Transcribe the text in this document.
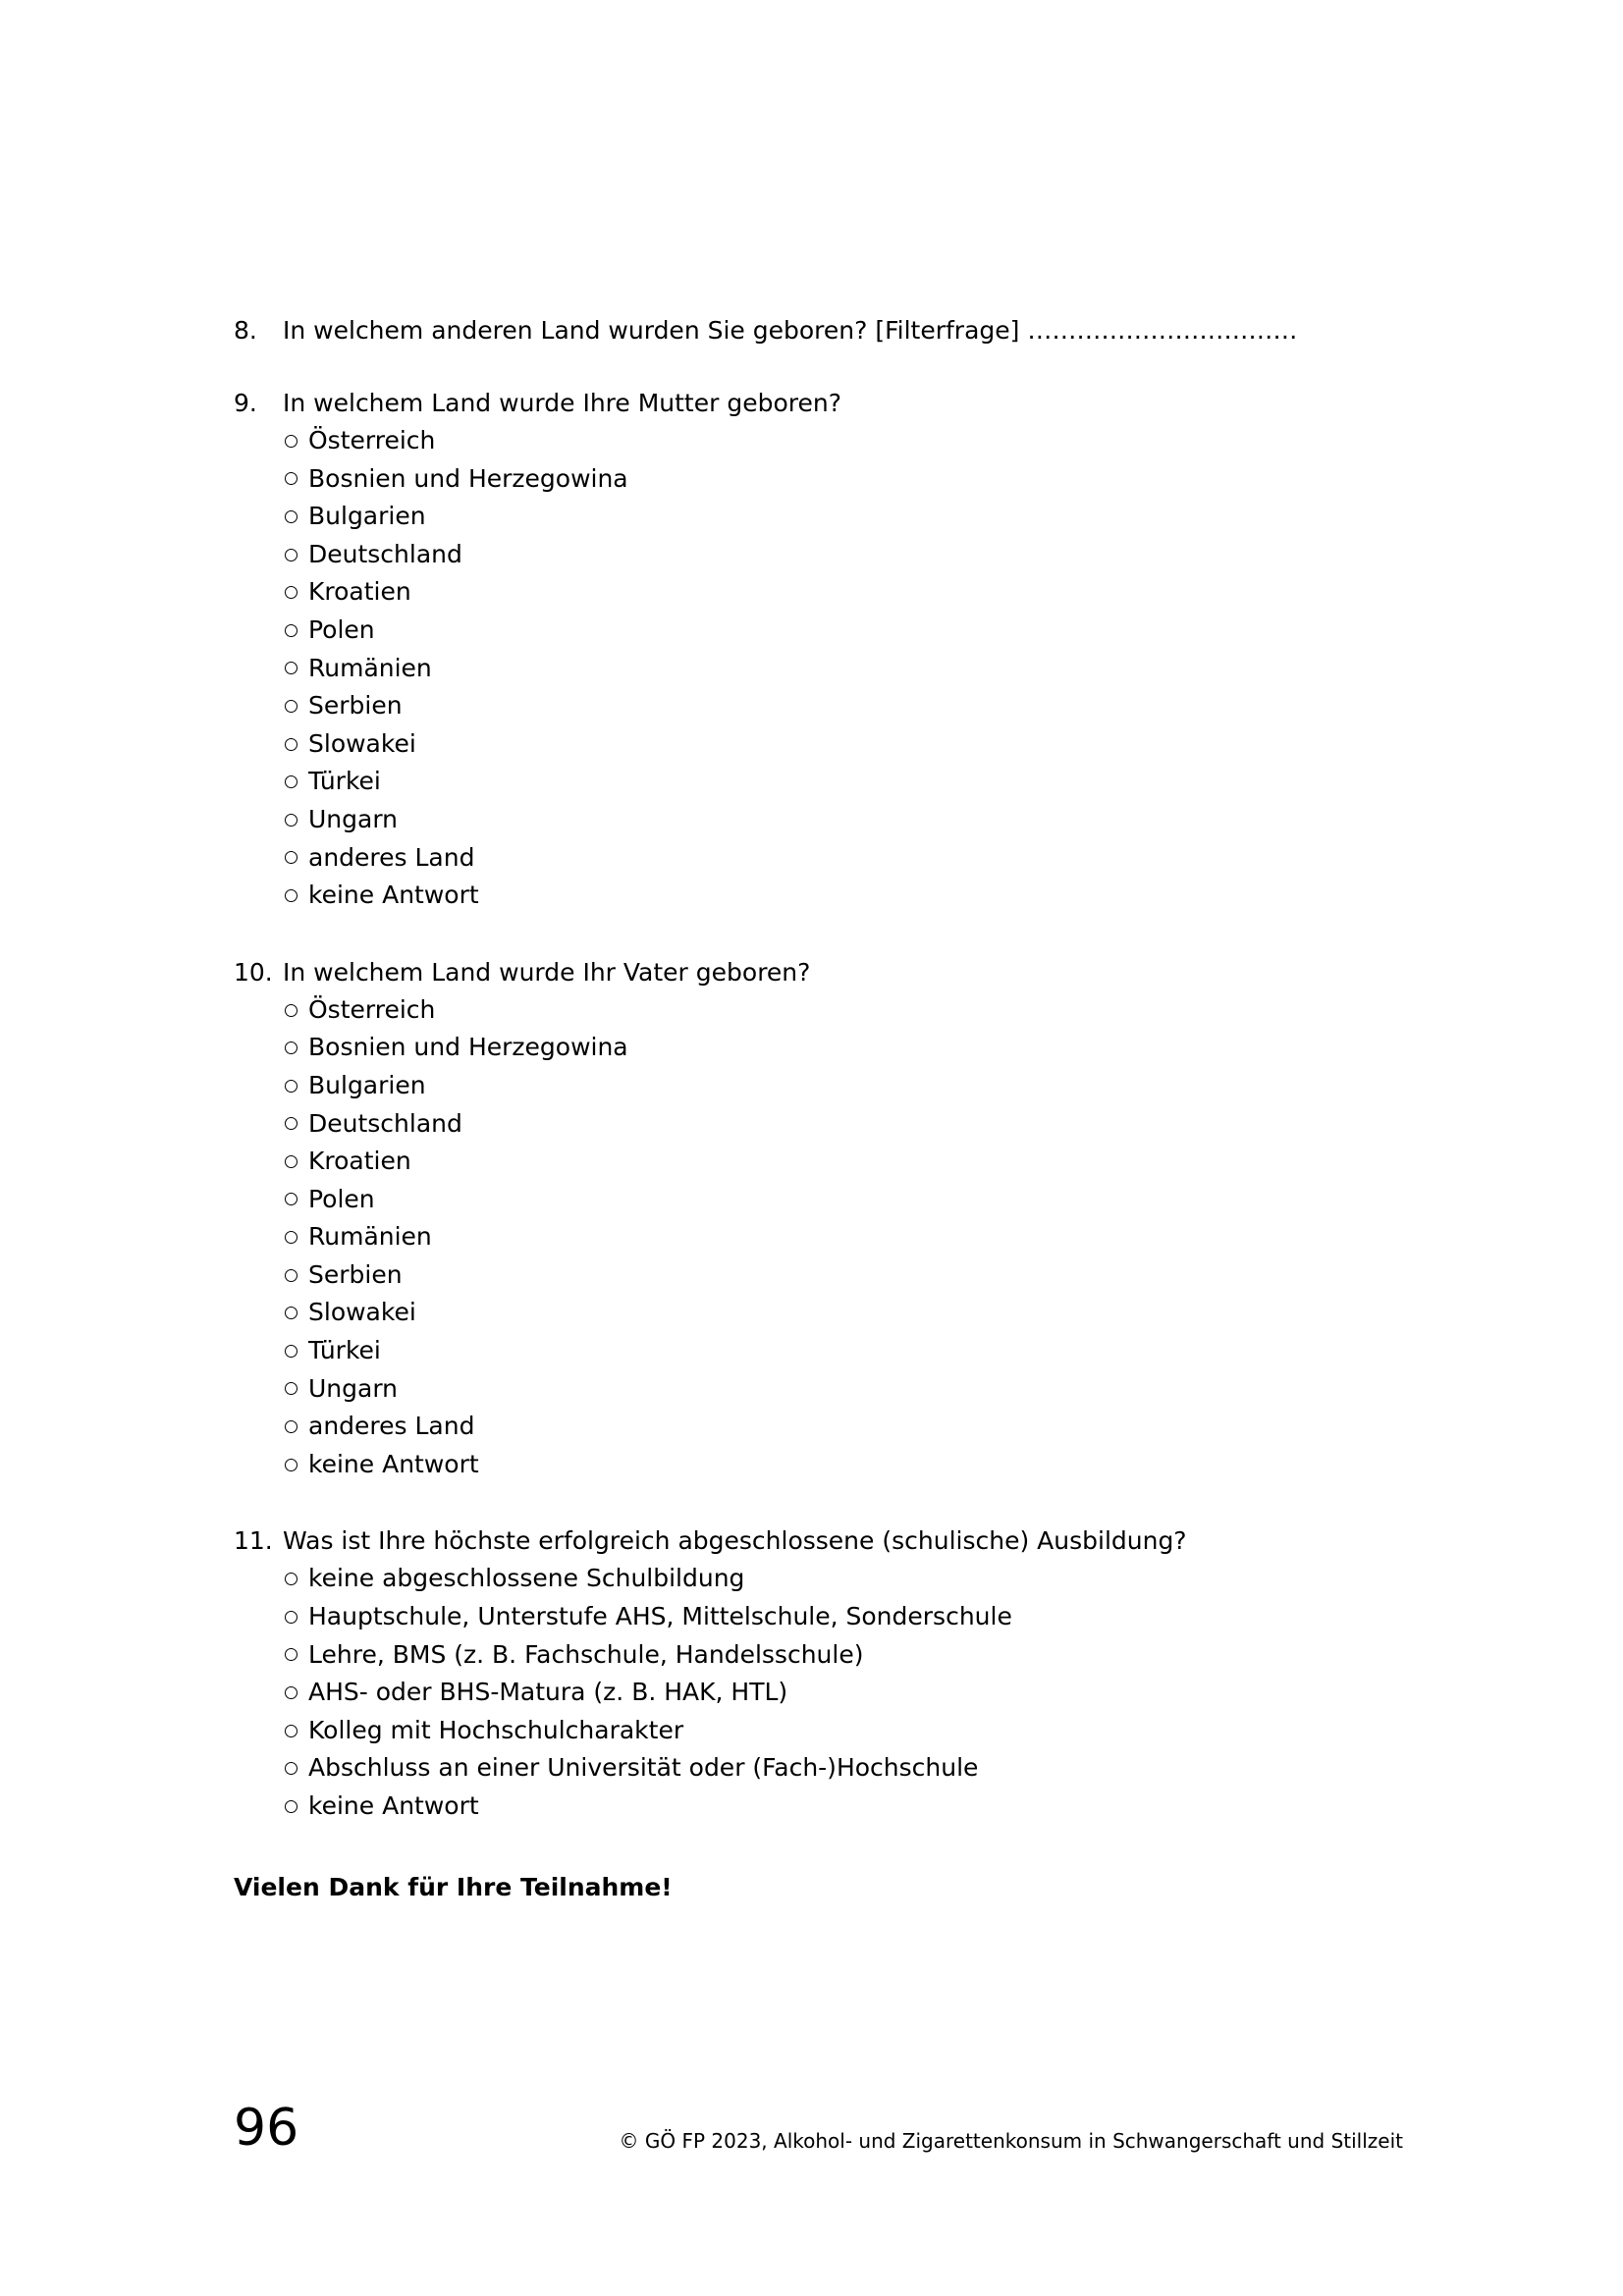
8.	In welchem anderen Land wurden Sie geboren? [Filterfrage] ……………………………
9.	In welchem Land wurde Ihre Mutter geboren?
Österreich
Bosnien und Herzegowina
Bulgarien
Deutschland
Kroatien
Polen
Rumänien
Serbien
Slowakei
Türkei
Ungarn
anderes Land
keine Antwort
10. In welchem Land wurde Ihr Vater geboren?
Österreich
Bosnien und Herzegowina
Bulgarien
Deutschland
Kroatien
Polen
Rumänien
Serbien
Slowakei
Türkei
Ungarn
anderes Land
keine Antwort
11. Was ist Ihre höchste erfolgreich abgeschlossene (schulische) Ausbildung?
keine abgeschlossene Schulbildung
Hauptschule, Unterstufe AHS, Mittelschule, Sonderschule
Lehre, BMS (z. B. Fachschule, Handelsschule)
AHS- oder BHS-Matura (z. B. HAK, HTL)
Kolleg mit Hochschulcharakter
Abschluss an einer Universität oder (Fach-)Hochschule
keine Antwort

Vielen Dank für Ihre Teilnahme!

96	© GÖ FP 2023, Alkohol- und Zigarettenkonsum in Schwangerschaft und Stillzeit
